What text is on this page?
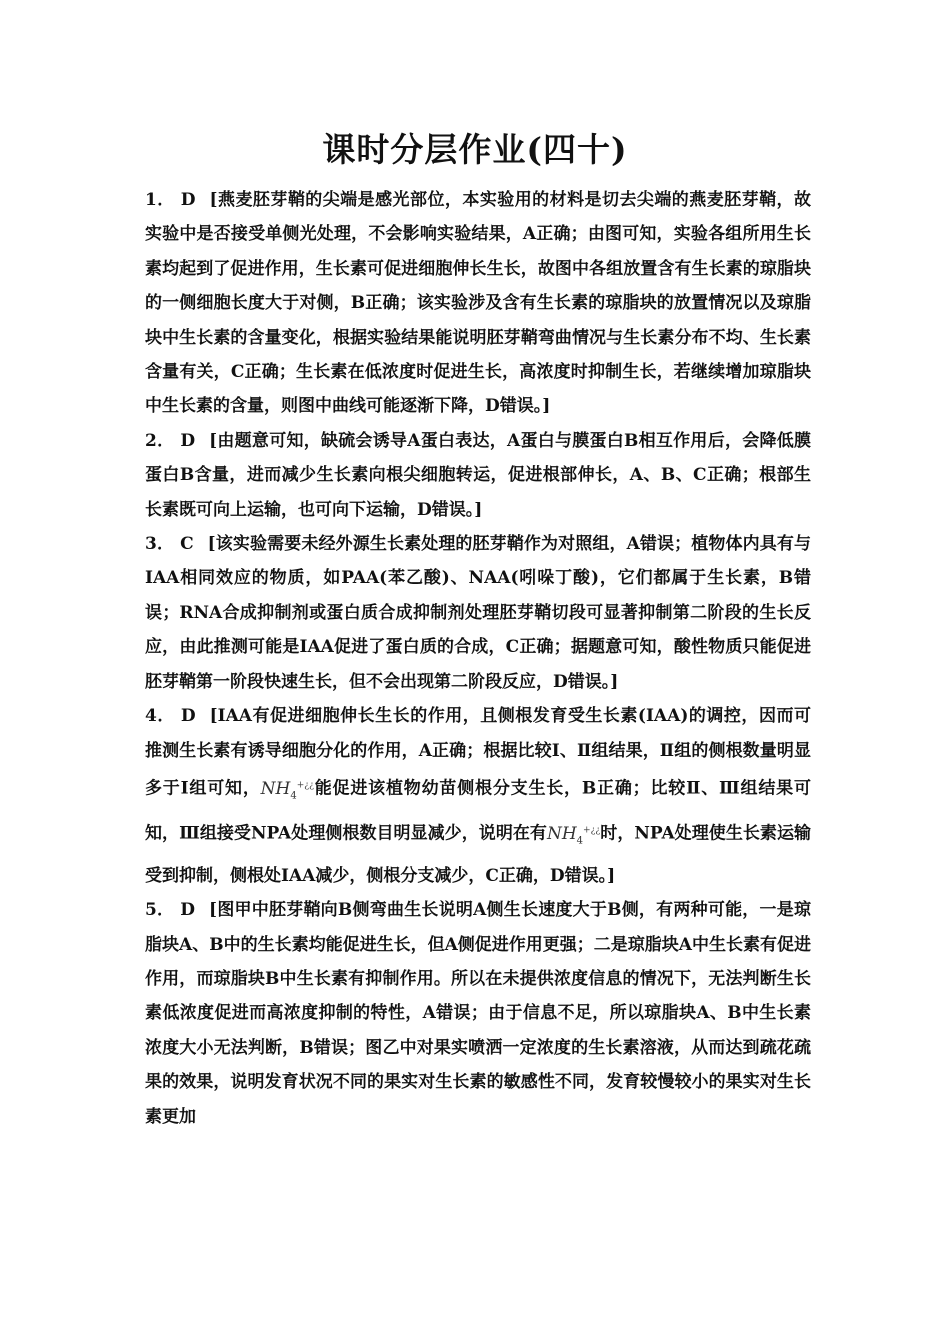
课时分层作业(四十)

1． D [燕麦胚芽鞘的尖端是感光部位，本实验用的材料是切去尖端的燕麦胚芽鞘，故实验中是否接受单侧光处理，不会影响实验结果，A正确；由图可知，实验各组所用生长素均起到了促进作用，生长素可促进细胞伸长生长，故图中各组放置含有生长素的琼脂块的一侧细胞长度大于对侧，B正确；该实验涉及含有生长素的琼脂块的放置情况以及琼脂块中生长素的含量变化，根据实验结果能说明胚芽鞘弯曲情况与生长素分布不均、生长素含量有关，C正确；生长素在低浓度时促进生长，高浓度时抑制生长，若继续增加琼脂块中生长素的含量，则图中曲线可能逐渐下降，D错误。]

2． D [由题意可知，缺硫会诱导A蛋白表达，A蛋白与膜蛋白B相互作用后，会降低膜蛋白B含量，进而减少生长素向根尖细胞转运，促进根部伸长，A、B、C正确；根部生长素既可向上运输，也可向下运输，D错误。]

3． C [该实验需要未经外源生长素处理的胚芽鞘作为对照组，A错误；植物体内具有与IAA相同效应的物质，如PAA(苯乙酸)、NAA(吲哚丁酸)，它们都属于生长素，B错误；RNA合成抑制剂或蛋白质合成抑制剂处理胚芽鞘切段可显著抑制第二阶段的生长反应，由此推测可能是IAA促进了蛋白质的合成，C正确；据题意可知，酸性物质只能促进胚芽鞘第一阶段快速生长，但不会出现第二阶段反应，D错误。]

4． D [IAA有促进细胞伸长生长的作用，且侧根发育受生长素(IAA)的调控，因而可推测生长素有诱导细胞分化的作用，A正确；根据比较Ⅰ、Ⅱ组结果，Ⅱ组的侧根数量明显多于Ⅰ组可知，$NH_4^{+¿¿}$能促进该植物幼苗侧根分支生长，B正确；比较Ⅱ、Ⅲ组结果可知，Ⅲ组接受NPA处理侧根数目明显减少，说明在有$NH_4^{+¿¿}$时，NPA处理使生长素运输受到抑制，侧根处IAA减少，侧根分支减少，C正确，D错误。]

5． D [图甲中胚芽鞘向B侧弯曲生长说明A侧生长速度大于B侧，有两种可能，一是琼脂块A、B中的生长素均能促进生长，但A侧促进作用更强；二是琼脂块A中生长素有促进作用，而琼脂块B中生长素有抑制作用。所以在未提供浓度信息的情况下，无法判断生长素低浓度促进而高浓度抑制的特性，A错误；由于信息不足，所以琼脂块A、B中生长素浓度大小无法判断，B错误；图乙中对果实喷洒一定浓度的生长素溶液，从而达到疏花疏果的效果，说明发育状况不同的果实对生长素的敏感性不同，发育较慢较小的果实对生长素更加
